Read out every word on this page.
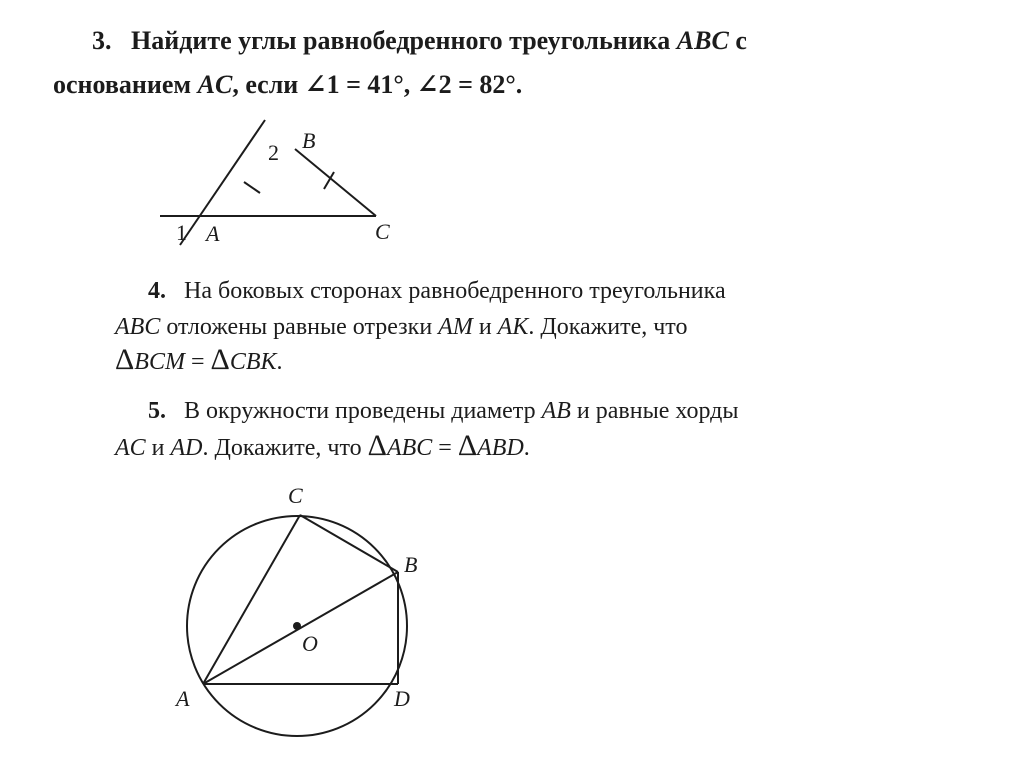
3. Найдите углы равнобедренного треугольника ABC с
основанием AC, если ∠1 = 41°, ∠2 = 82°.
B
2
1 A	C
4. На боковых сторонах равнобедренного треугольника
ABC отложены равные отрезки AM и AK. Докажите, что
ΔBCM = ΔCBK.
5. В окружности проведены диаметр AB и равные хорды
AC и AD. Докажите, что ΔABC = ΔABD.
C
B
O
A	D
